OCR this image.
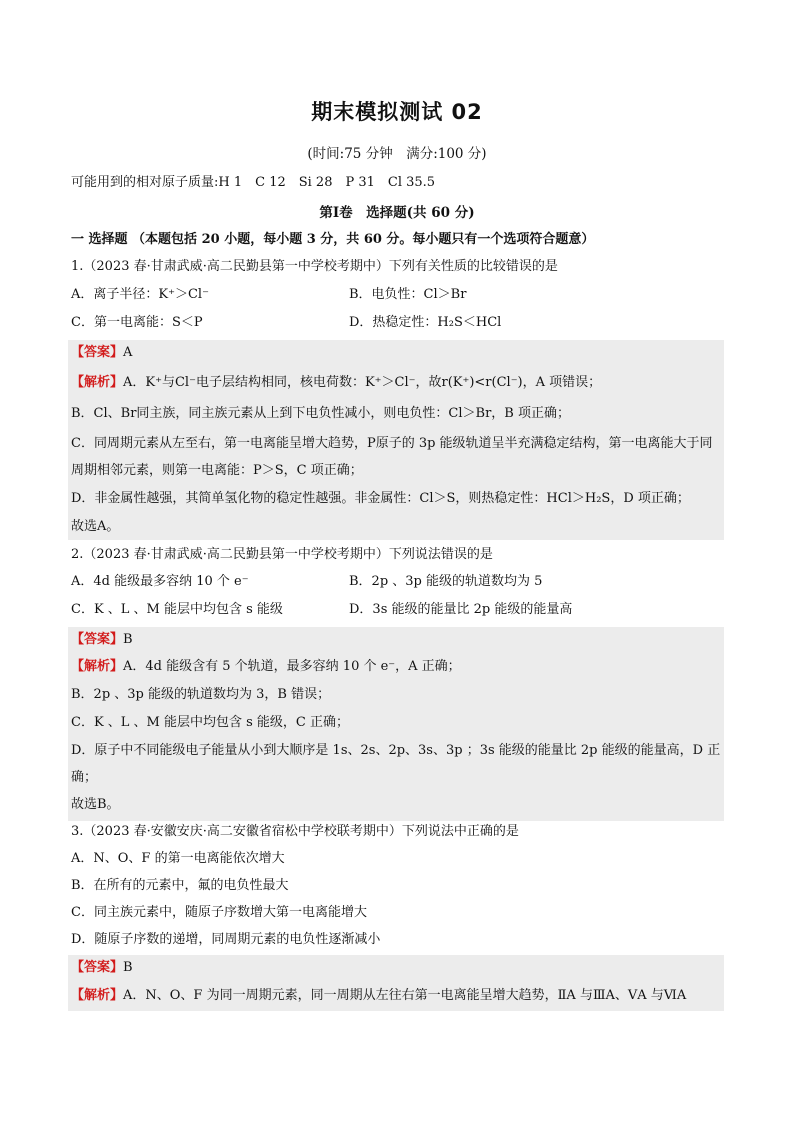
期末模拟测试 02
(时间:75 分钟　满分:100 分)
可能用到的相对原子质量:H 1　C 12　Si 28　P 31　Cl 35.5
第Ⅰ卷　选择题(共 60 分)
一 选择题 （本题包括 20 小题，每小题 3 分，共 60 分。每小题只有一个选项符合题意）
1.（2023 春·甘肃武威·高二民勤县第一中学校考期中）下列有关性质的比较错误的是
A．离子半径：K⁺＞Cl⁻	B．电负性：Cl＞Br
C．第一电离能：S＜P	D．热稳定性：H₂S＜HCl
【答案】A
【解析】A．K⁺与Cl⁻电子层结构相同，核电荷数：K⁺＞Cl⁻，故r(K⁺)<r(Cl⁻)，A 项错误；
B．Cl、Br同主族，同主族元素从上到下电负性减小，则电负性：Cl＞Br，B 项正确；
C．同周期元素从左至右，第一电离能呈增大趋势，P原子的 3p 能级轨道呈半充满稳定结构，第一电离能大于同周期相邻元素，则第一电离能：P＞S，C 项正确；
D．非金属性越强，其简单氢化物的稳定性越强。非金属性：Cl＞S，则热稳定性：HCl＞H₂S，D 项正确；
故选A。
2.（2023 春·甘肃武威·高二民勤县第一中学校考期中）下列说法错误的是
A．4d 能级最多容纳 10 个 e⁻	B．2p 、3p 能级的轨道数均为 5
C．K 、L 、M 能层中均包含 s 能级	D．3s 能级的能量比 2p 能级的能量高
【答案】B
【解析】A．4d 能级含有 5 个轨道，最多容纳 10 个 e⁻，A 正确；
B．2p 、3p 能级的轨道数均为 3，B 错误；
C．K 、L 、M 能层中均包含 s 能级，C 正确；
D．原子中不同能级电子能量从小到大顺序是 1s、2s、2p、3s、3p ；3s 能级的能量比 2p 能级的能量高，D 正确；
故选B。
3.（2023 春·安徽安庆·高二安徽省宿松中学校联考期中）下列说法中正确的是
A．N、O、F 的第一电离能依次增大
B．在所有的元素中，氟的电负性最大
C．同主族元素中，随原子序数增大第一电离能增大
D．随原子序数的递增，同周期元素的电负性逐渐减小
【答案】B
【解析】A．N、O、F 为同一周期元素，同一周期从左往右第一电离能呈增大趋势，ⅡA 与ⅢA、ⅤA 与ⅥA
